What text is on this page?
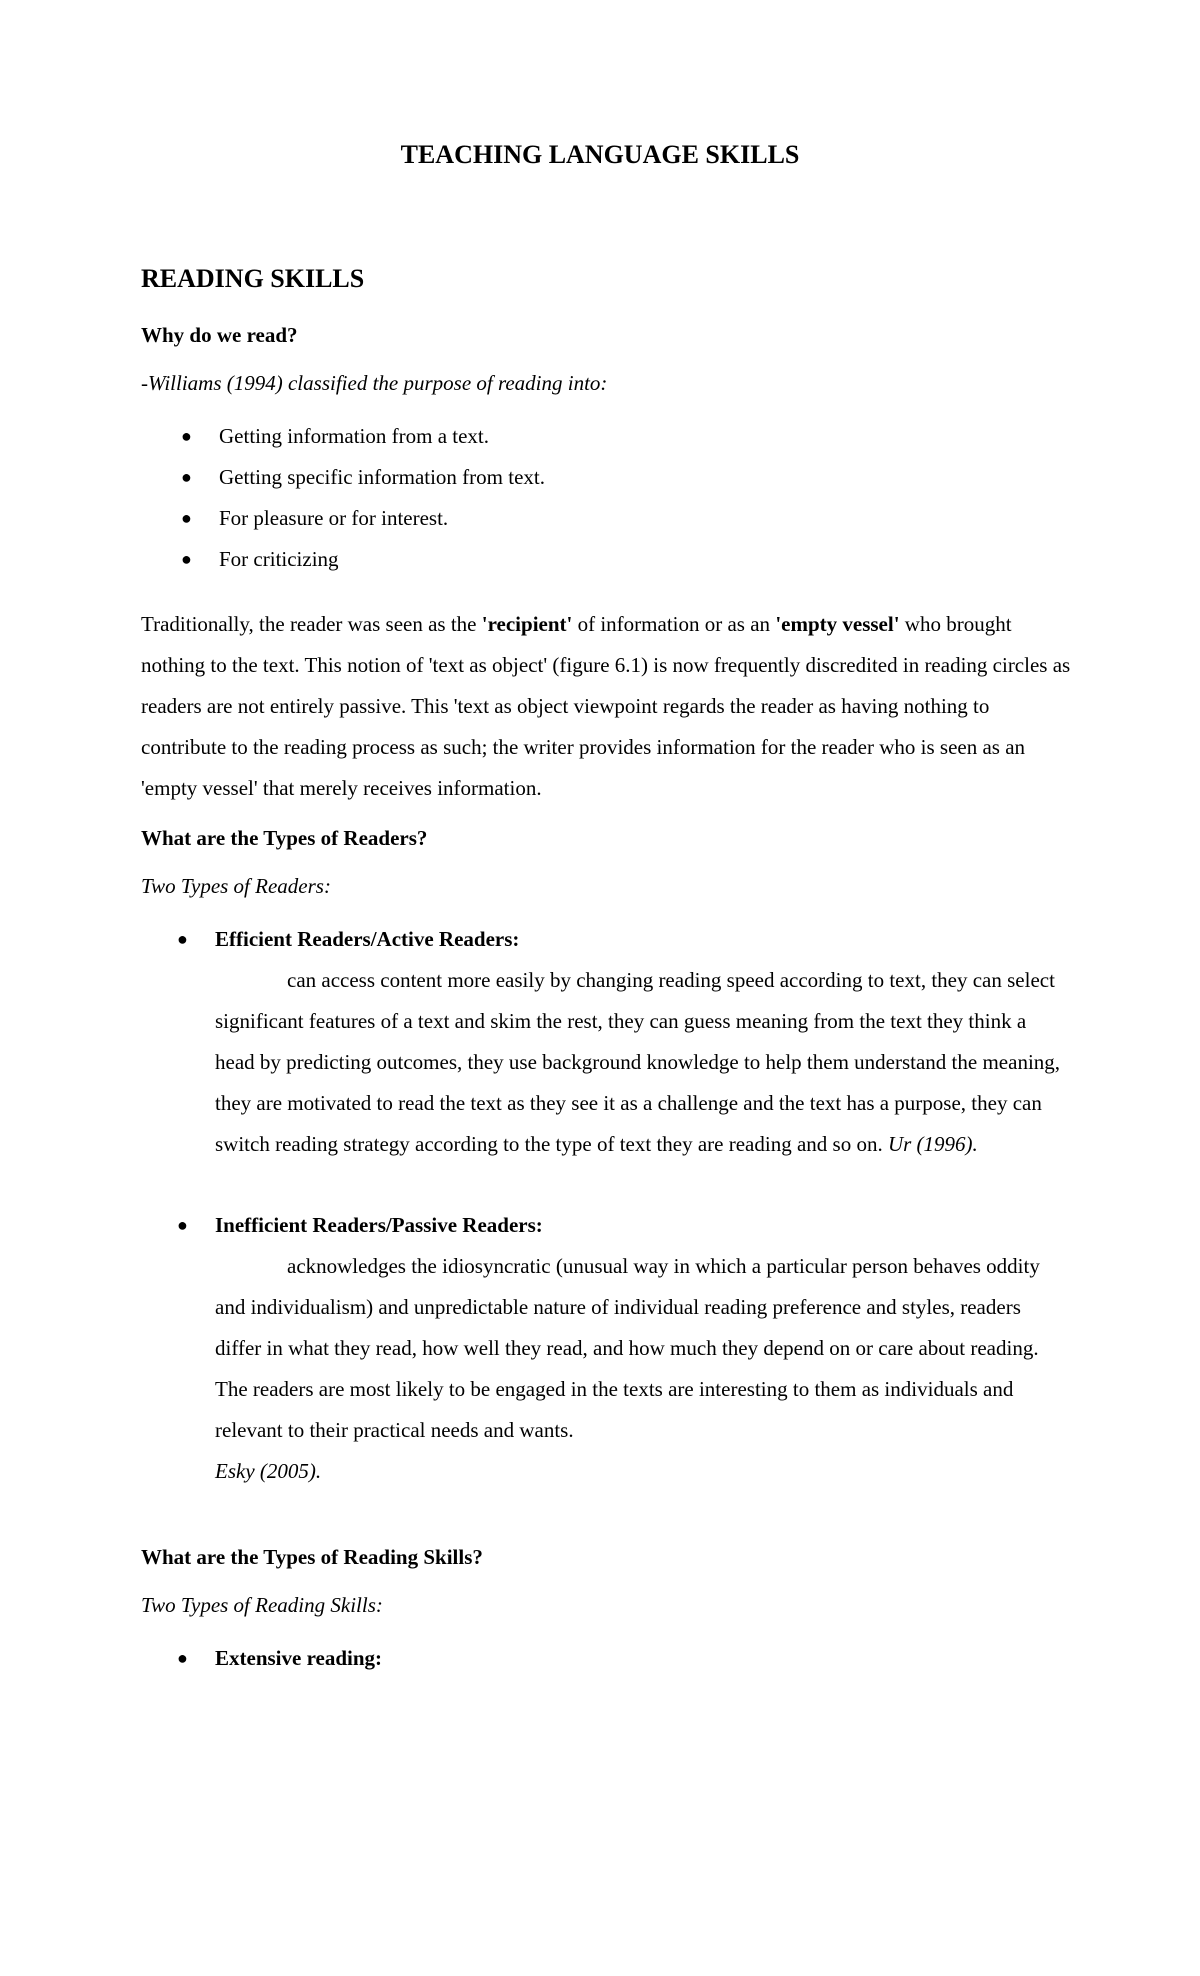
TEACHING LANGUAGE SKILLS
READING SKILLS

Why do we read?

-Williams (1994) classified the purpose of reading into:

● Getting information from a text.
● Getting specific information from text.
● For pleasure or for interest.
● For criticizing

Traditionally, the reader was seen as the 'recipient' of information or as an 'empty vessel' who brought nothing to the text. This notion of 'text as object' (figure 6.1) is now frequently discredited in reading circles as readers are not entirely passive. This 'text as object viewpoint regards the reader as having nothing to contribute to the reading process as such; the writer provides information for the reader who is seen as an 'empty vessel' that merely receives information.

What are the Types of Readers?

Two Types of Readers:

● Efficient Readers/Active Readers:
can access content more easily by changing reading speed according to text, they can select significant features of a text and skim the rest, they can guess meaning from the text they think a head by predicting outcomes, they use background knowledge to help them understand the meaning, they are motivated to read the text as they see it as a challenge and the text has a purpose, they can switch reading strategy according to the type of text they are reading and so on. Ur (1996).
● Inefficient Readers/Passive Readers:
acknowledges the idiosyncratic (unusual way in which a particular person behaves oddity and individualism) and unpredictable nature of individual reading preference and styles, readers differ in what they read, how well they read, and how much they depend on or care about reading. The readers are most likely to be engaged in the texts are interesting to them as individuals and relevant to their practical needs and wants.
Esky (2005).

What are the Types of Reading Skills?

Two Types of Reading Skills:

● Extensive reading:
